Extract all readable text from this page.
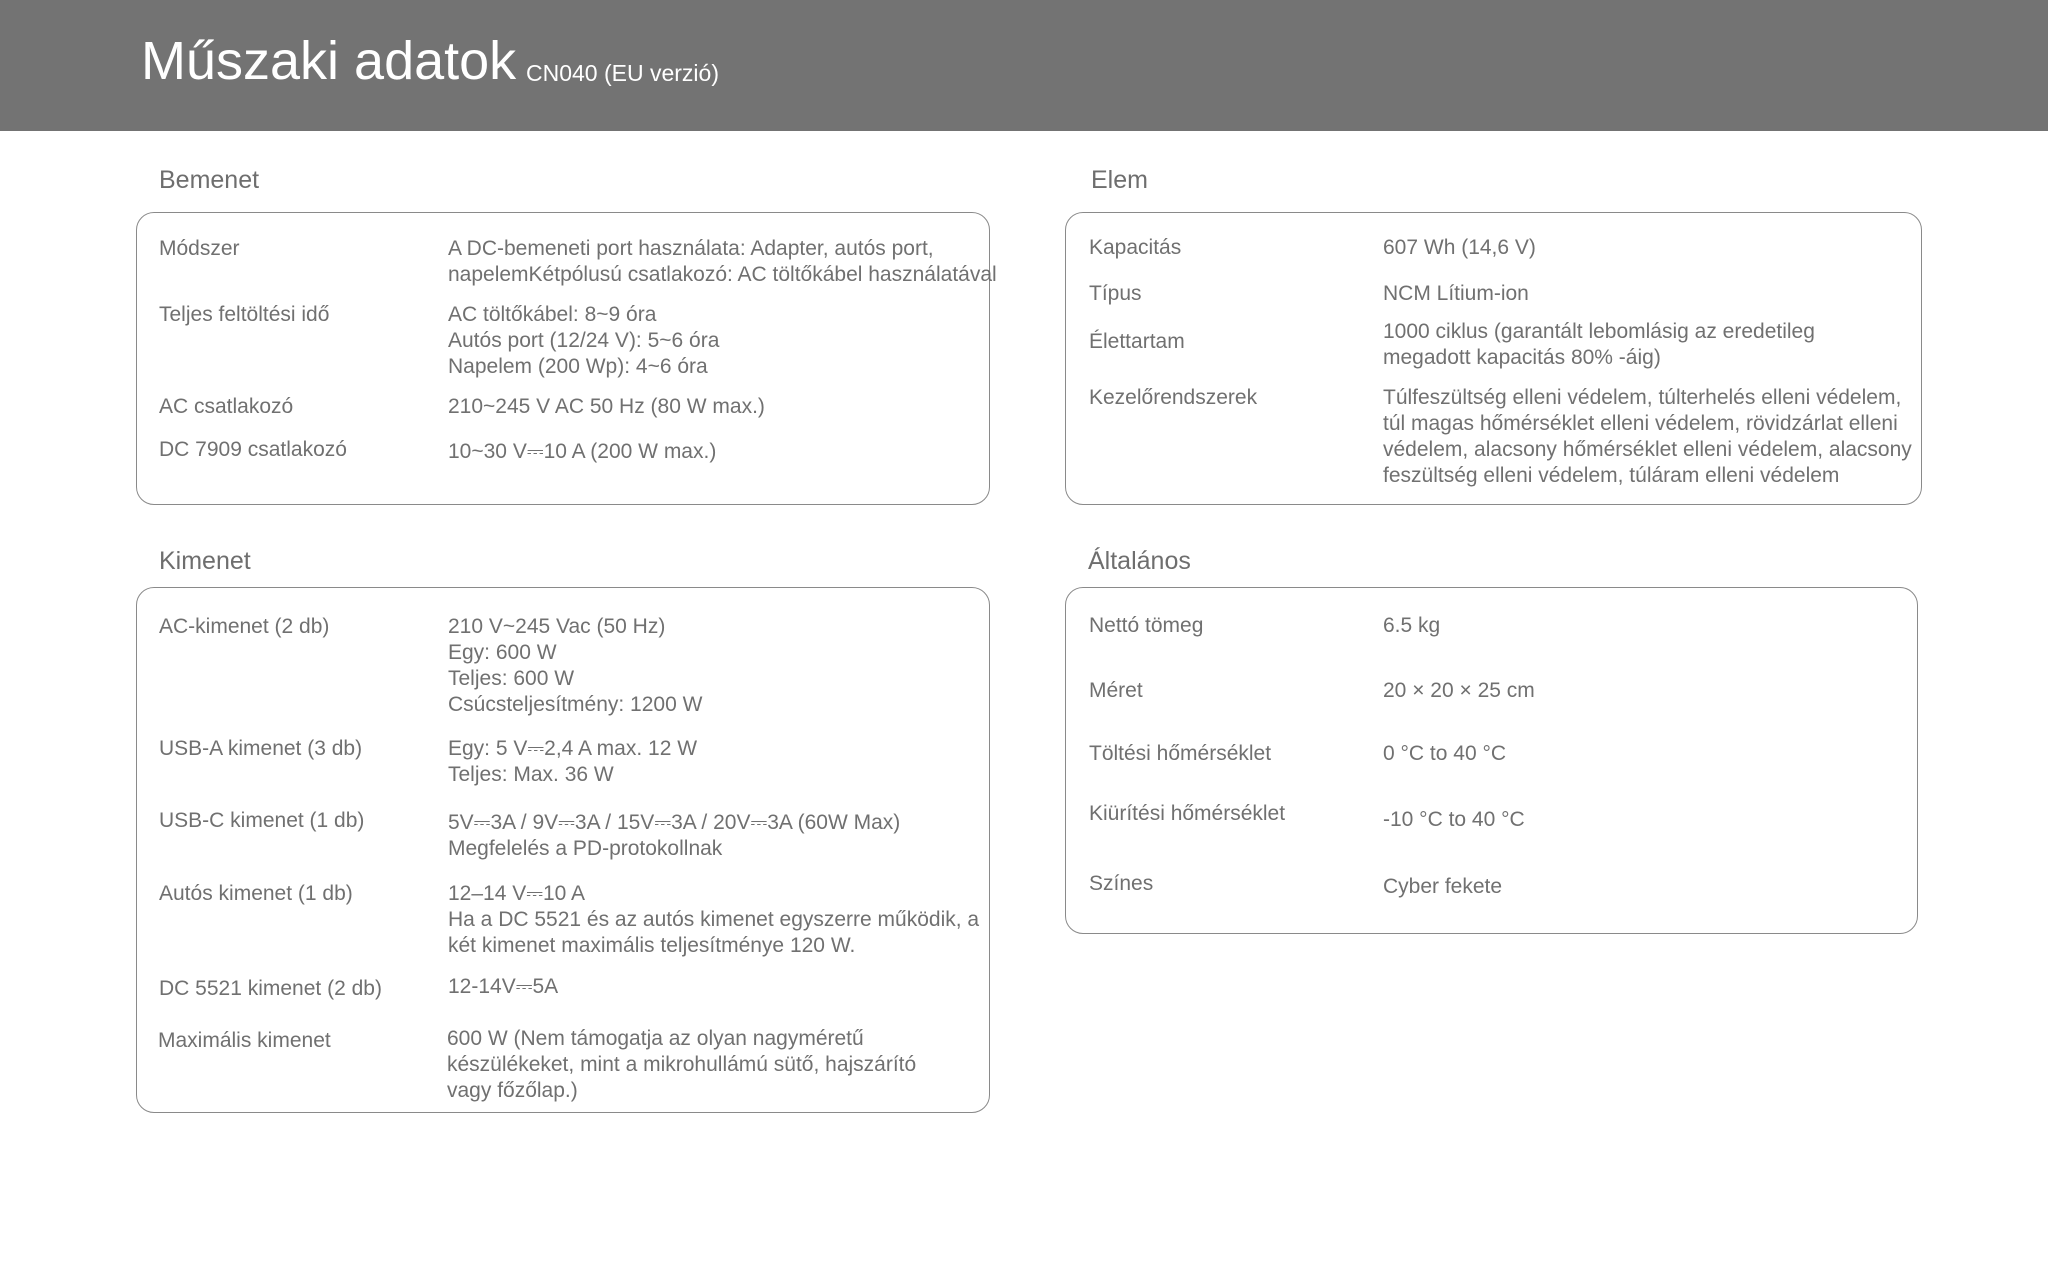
Műszaki adatok CN040 (EU verzió)
Bemenet
Módszer	A DC-bemeneti port használata: Adapter, autós port,
napelemKétpólusú csatlakozó: AC töltőkábel használatával
Teljes feltöltési idő	AC töltőkábel: 8~9 óra
Autós port (12/24 V): 5~6 óra
Napelem (200 Wp): 4~6 óra
AC csatlakozó	210~245 V AC 50 Hz (80 W max.)
DC 7909 csatlakozó	10~30 V⎓10 A (200 W max.)
Kimenet
AC-kimenet (2 db)	210 V~245 Vac (50 Hz)
Egy: 600 W
Teljes: 600 W
Csúcsteljesítmény: 1200 W
USB-A kimenet (3 db)	Egy: 5 V⎓2,4 A max. 12 W
Teljes: Max. 36 W
USB-C kimenet (1 db)	5V⎓3A / 9V⎓3A / 15V⎓3A / 20V⎓3A (60W Max)
Megfelelés a PD-protokollnak
Autós kimenet (1 db)	12–14 V⎓10 A
Ha a DC 5521 és az autós kimenet egyszerre működik, a
két kimenet maximális teljesítménye 120 W.
DC 5521 kimenet (2 db)	12-14V⎓5A
Maximális kimenet	600 W (Nem támogatja az olyan nagyméretű
készülékeket, mint a mikrohullámú sütő, hajszárító
vagy főzőlap.)
Elem
Kapacitás	607 Wh (14,6 V)
Típus	NCM Lítium-ion
Élettartam	1000 ciklus (garantált lebomlásig az eredetileg
megadott kapacitás 80% -áig)
Kezelőrendszerek	Túlfeszültség elleni védelem, túlterhelés elleni védelem,
túl magas hőmérséklet elleni védelem, rövidzárlat elleni
védelem, alacsony hőmérséklet elleni védelem, alacsony
feszültség elleni védelem, túláram elleni védelem
Általános
Nettó tömeg	6.5 kg
Méret	20 × 20 × 25 cm
Töltési hőmérséklet	0 °C to 40 °C
Kiürítési hőmérséklet	-10 °C to 40 °C
Színes	Cyber fekete
